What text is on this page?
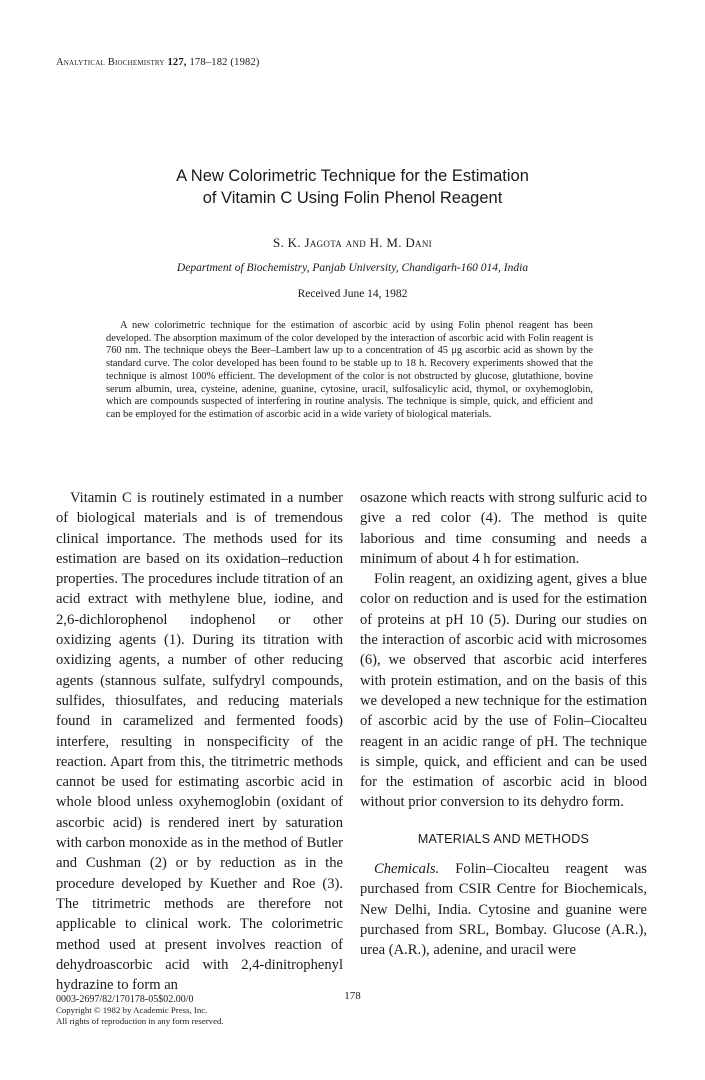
Analytical Biochemistry 127, 178–182 (1982)
A New Colorimetric Technique for the Estimation
of Vitamin C Using Folin Phenol Reagent
S. K. Jagota and H. M. Dani
Department of Biochemistry, Panjab University, Chandigarh-160 014, India
Received June 14, 1982

A new colorimetric technique for the estimation of ascorbic acid by using Folin phenol reagent has been developed. The absorption maximum of the color developed by the interaction of ascorbic acid with Folin reagent is 760 nm. The technique obeys the Beer–Lambert law up to a concentration of 45 μg ascorbic acid as shown by the standard curve. The color developed has been found to be stable up to 18 h. Recovery experiments showed that the technique is almost 100% efficient. The development of the color is not obstructed by glucose, glutathione, bovine serum albumin, urea, cysteine, adenine, guanine, cytosine, uracil, sulfosalicylic acid, thymol, or oxyhemoglobin, which are compounds suspected of interfering in routine analysis. The technique is simple, quick, and efficient and can be employed for the estimation of ascorbic acid in a wide variety of biological materials.

Vitamin C is routinely estimated in a number of biological materials and is of tremendous clinical importance. The methods used for its estimation are based on its oxidation–reduction properties. The procedures include titration of an acid extract with methylene blue, iodine, and 2,6-dichlorophenol indophenol or other oxidizing agents (1). During its titration with oxidizing agents, a number of other reducing agents (stannous sulfate, sulfydryl compounds, sulfides, thiosulfates, and reducing materials found in caramelized and fermented foods) interfere, resulting in nonspecificity of the reaction. Apart from this, the titrimetric methods cannot be used for estimating ascorbic acid in whole blood unless oxyhemoglobin (oxidant of ascorbic acid) is rendered inert by saturation with carbon monoxide as in the method of Butler and Cushman (2) or by reduction as in the procedure developed by Kuether and Roe (3). The titrimetric methods are therefore not applicable to clinical work. The colorimetric method used at present involves reaction of dehydroascorbic acid with 2,4-dinitrophenyl hydrazine to form an

osazone which reacts with strong sulfuric acid to give a red color (4). The method is quite laborious and time consuming and needs a minimum of about 4 h for estimation.

Folin reagent, an oxidizing agent, gives a blue color on reduction and is used for the estimation of proteins at pH 10 (5). During our studies on the interaction of ascorbic acid with microsomes (6), we observed that ascorbic acid interferes with protein estimation, and on the basis of this we developed a new technique for the estimation of ascorbic acid by the use of Folin–Ciocalteu reagent in an acidic range of pH. The technique is simple, quick, and efficient and can be used for the estimation of ascorbic acid in blood without prior conversion to its dehydro form.

MATERIALS AND METHODS

Chemicals. Folin–Ciocalteu reagent was purchased from CSIR Centre for Biochemicals, New Delhi, India. Cytosine and guanine were purchased from SRL, Bombay. Glucose (A.R.), urea (A.R.), adenine, and uracil were

178
0003-2697/82/170178-05$02.00/0
Copyright © 1982 by Academic Press, Inc.
All rights of reproduction in any form reserved.
